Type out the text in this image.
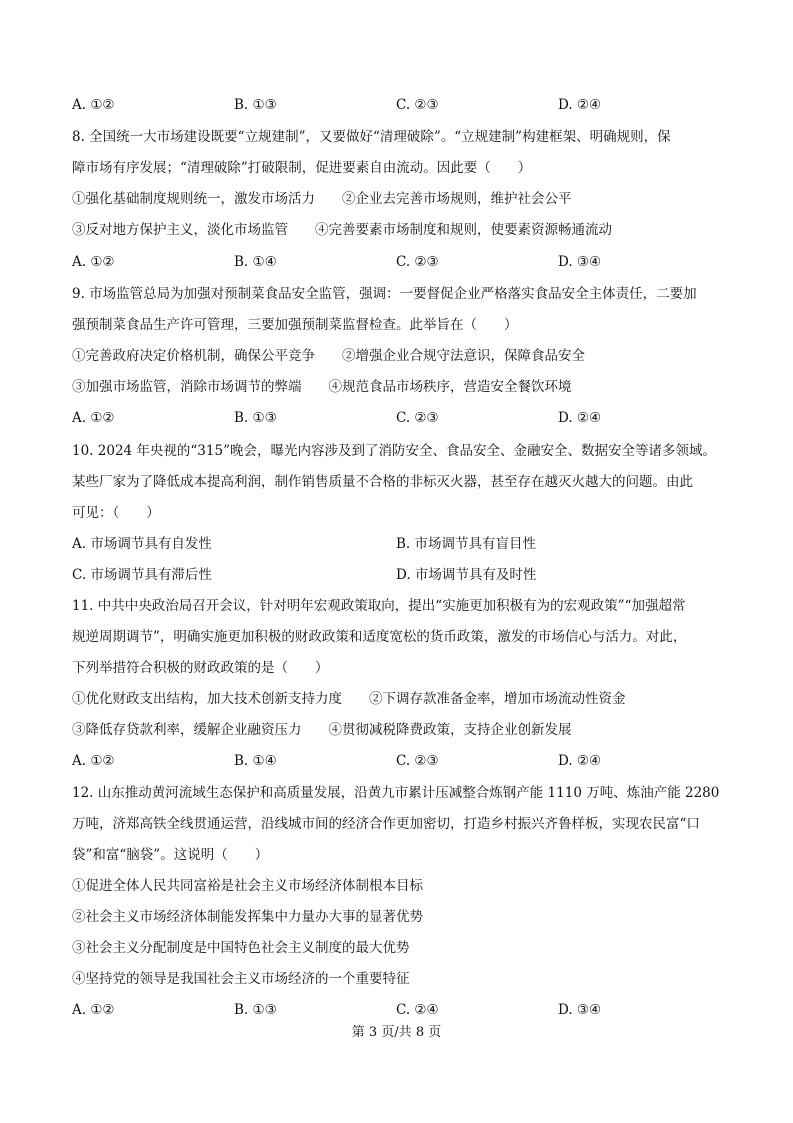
A. ①②	B. ①③	C. ②③	D. ②④
8. 全国统一大市场建设既要“立规建制”，又要做好“清理破除”。“立规建制”构建框架、明确规则，保
障市场有序发展；“清理破除”打破限制，促进要素自由流动。因此要（　　）
①强化基础制度规则统一，激发市场活力　　②企业去完善市场规则，维护社会公平
③反对地方保护主义，淡化市场监管　　④完善要素市场制度和规则，使要素资源畅通流动
A. ①②	B. ①④	C. ②③	D. ③④
9. 市场监管总局为加强对预制菜食品安全监管，强调：一要督促企业严格落实食品安全主体责任，二要加
强预制菜食品生产许可管理，三要加强预制菜监督检查。此举旨在（　　）
①完善政府决定价格机制，确保公平竞争　　②增强企业合规守法意识，保障食品安全
③加强市场监管，消除市场调节的弊端　　④规范食品市场秩序，营造安全餐饮环境
A. ①②	B. ①③	C. ②③	D. ②④
10. 2024 年央视的“315”晚会，曝光内容涉及到了消防安全、食品安全、金融安全、数据安全等诸多领域。
某些厂家为了降低成本提高利润，制作销售质量不合格的非标灭火器，甚至存在越灭火越大的问题。由此
可见：（　　）
A. 市场调节具有自发性	B. 市场调节具有盲目性
C. 市场调节具有滞后性	D. 市场调节具有及时性
11. 中共中央政治局召开会议，针对明年宏观政策取向，提出“实施更加积极有为的宏观政策”“加强超常
规逆周期调节”，明确实施更加积极的财政政策和适度宽松的货币政策，激发的市场信心与活力。对此，
下列举措符合积极的财政政策的是（　　）
①优化财政支出结构，加大技术创新支持力度　　②下调存款准备金率，增加市场流动性资金
③降低存贷款利率，缓解企业融资压力　　④贯彻减税降费政策，支持企业创新发展
A. ①②	B. ①④	C. ②③	D. ②④
12. 山东推动黄河流域生态保护和高质量发展，沿黄九市累计压减整合炼钢产能 1110 万吨、炼油产能 2280
万吨，济郑高铁全线贯通运营，沿线城市间的经济合作更加密切，打造乡村振兴齐鲁样板，实现农民富“口
袋”和富“脑袋”。这说明（　　）
①促进全体人民共同富裕是社会主义市场经济体制根本目标
②社会主义市场经济体制能发挥集中力量办大事的显著优势
③社会主义分配制度是中国特色社会主义制度的最大优势
④坚持党的领导是我国社会主义市场经济的一个重要特征
A. ①②	B. ①③	C. ②④	D. ③④
第 3 页/共 8 页
